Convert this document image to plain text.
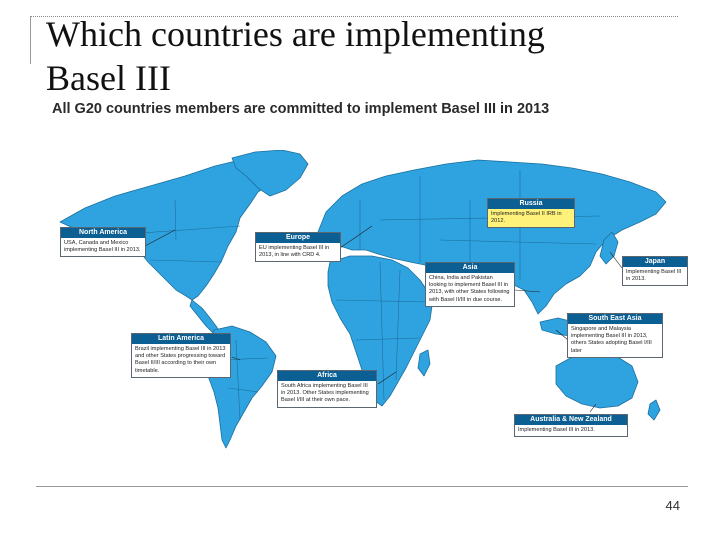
Which countries are implementing
Basel III
All G20 countries members are committed to implement Basel III in 2013
Russia
Implementing Basel II IRB in 2012.
North America
USA, Canada and Mexico implementing Basel III in 2013.
Europe
EU implementing Basel III in 2013, in line with CRD 4.
Asia
China, India and Pakistan looking to implement Basel III in 2013, with other States following with Basel II/III in due course.
Japan
Implementing Basel III in 2013.
Latin America
Brazil implementing Basel III in 2013 and other States progressing toward Basel II/III according to their own timetable.
South East Asia
Singapore and Malaysia implementing Basel III in 2013, others States adopting Basel I/III later
Africa
South Africa implementing Basel III in 2013. Other States implementing Basel I/III at their own pace.
Australia & New Zealand
Implementing Basel III in 2013.
44
